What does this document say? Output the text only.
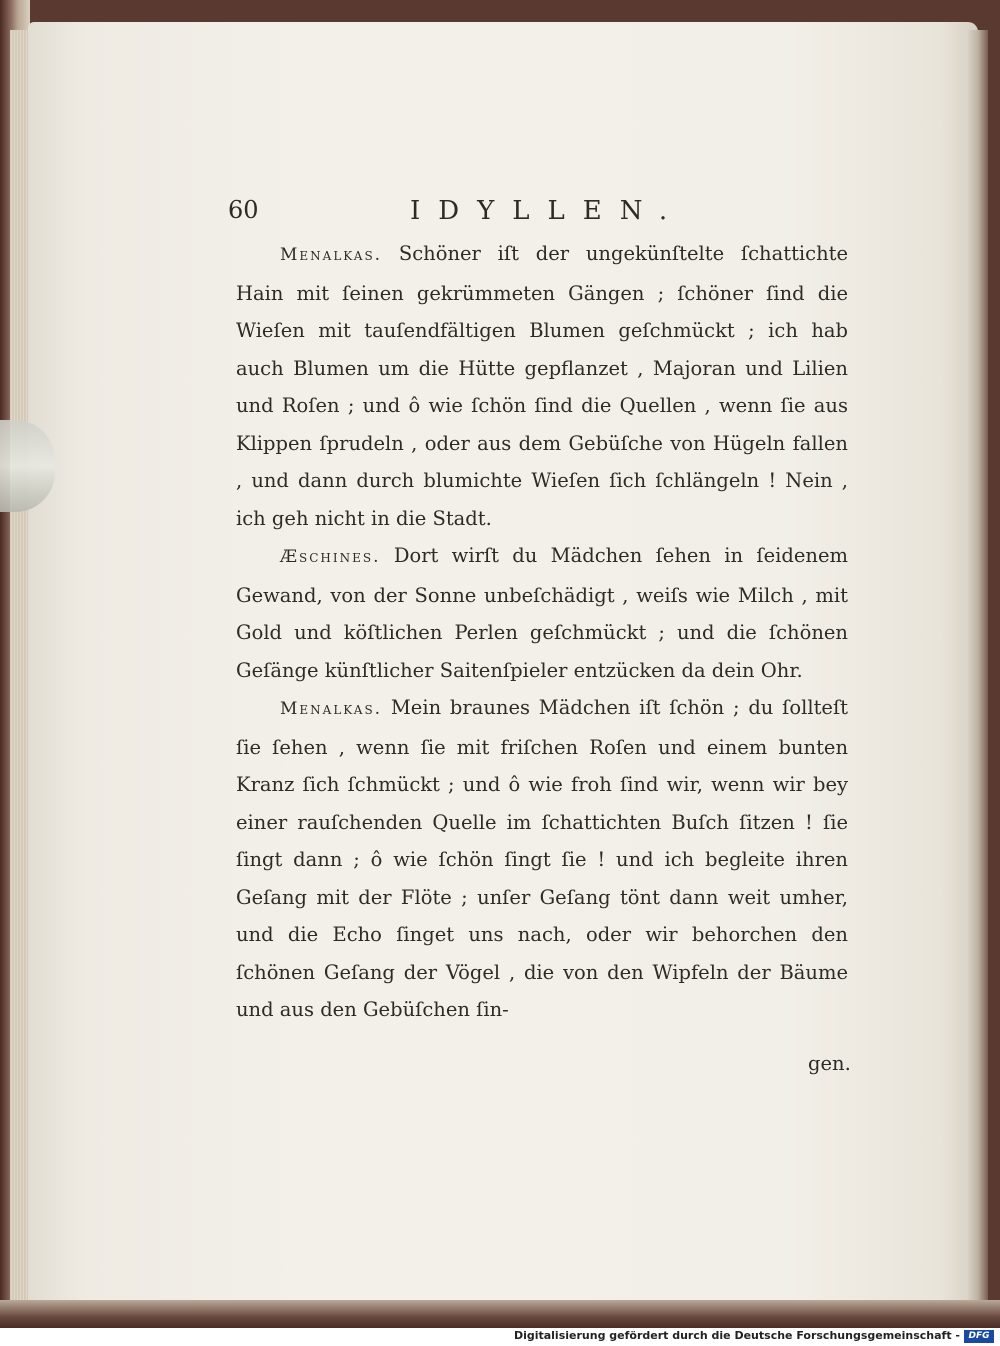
60	IDYLLEN.

Menalkas. Schöner iſt der ungekünſtelte ſchattichte Hain mit ſeinen gekrümmeten Gängen ; ſchöner ſind die Wieſen mit tauſendfältigen Blumen geſchmückt ; ich hab auch Blumen um die Hütte gepflanzet , Majoran und Lilien und Roſen ; und ô wie ſchön ſind die Quellen , wenn ſie aus Klippen ſprudeln , oder aus dem Gebüſche von Hügeln fallen , und dann durch blumichte Wieſen ſich ſchlängeln ! Nein , ich geh nicht in die Stadt.

Æschines. Dort wirſt du Mädchen ſehen in ſeidenem Gewand, von der Sonne unbeſchädigt , weiſs wie Milch , mit Gold und köſtlichen Perlen geſchmückt ; und die ſchönen Geſänge künſtlicher Saitenſpieler entzücken da dein Ohr.

Menalkas. Mein braunes Mädchen iſt ſchön ; du ſollteſt ſie ſehen , wenn ſie mit friſchen Roſen und einem bunten Kranz ſich ſchmückt ; und ô wie froh ſind wir, wenn wir bey einer rauſchenden Quelle im ſchattichten Buſch ſitzen ! ſie ſingt dann ; ô wie ſchön ſingt ſie ! und ich begleite ihren Geſang mit der Flöte ; unſer Geſang tönt dann weit umher, und die Echo ſinget uns nach, oder wir behorchen den ſchönen Geſang der Vögel , die von den Wipfeln der Bäume und aus den Gebüſchen ſin-

gen.
Digitalisierung gefördert durch die Deutsche Forschungsgemeinschaft - DFG
